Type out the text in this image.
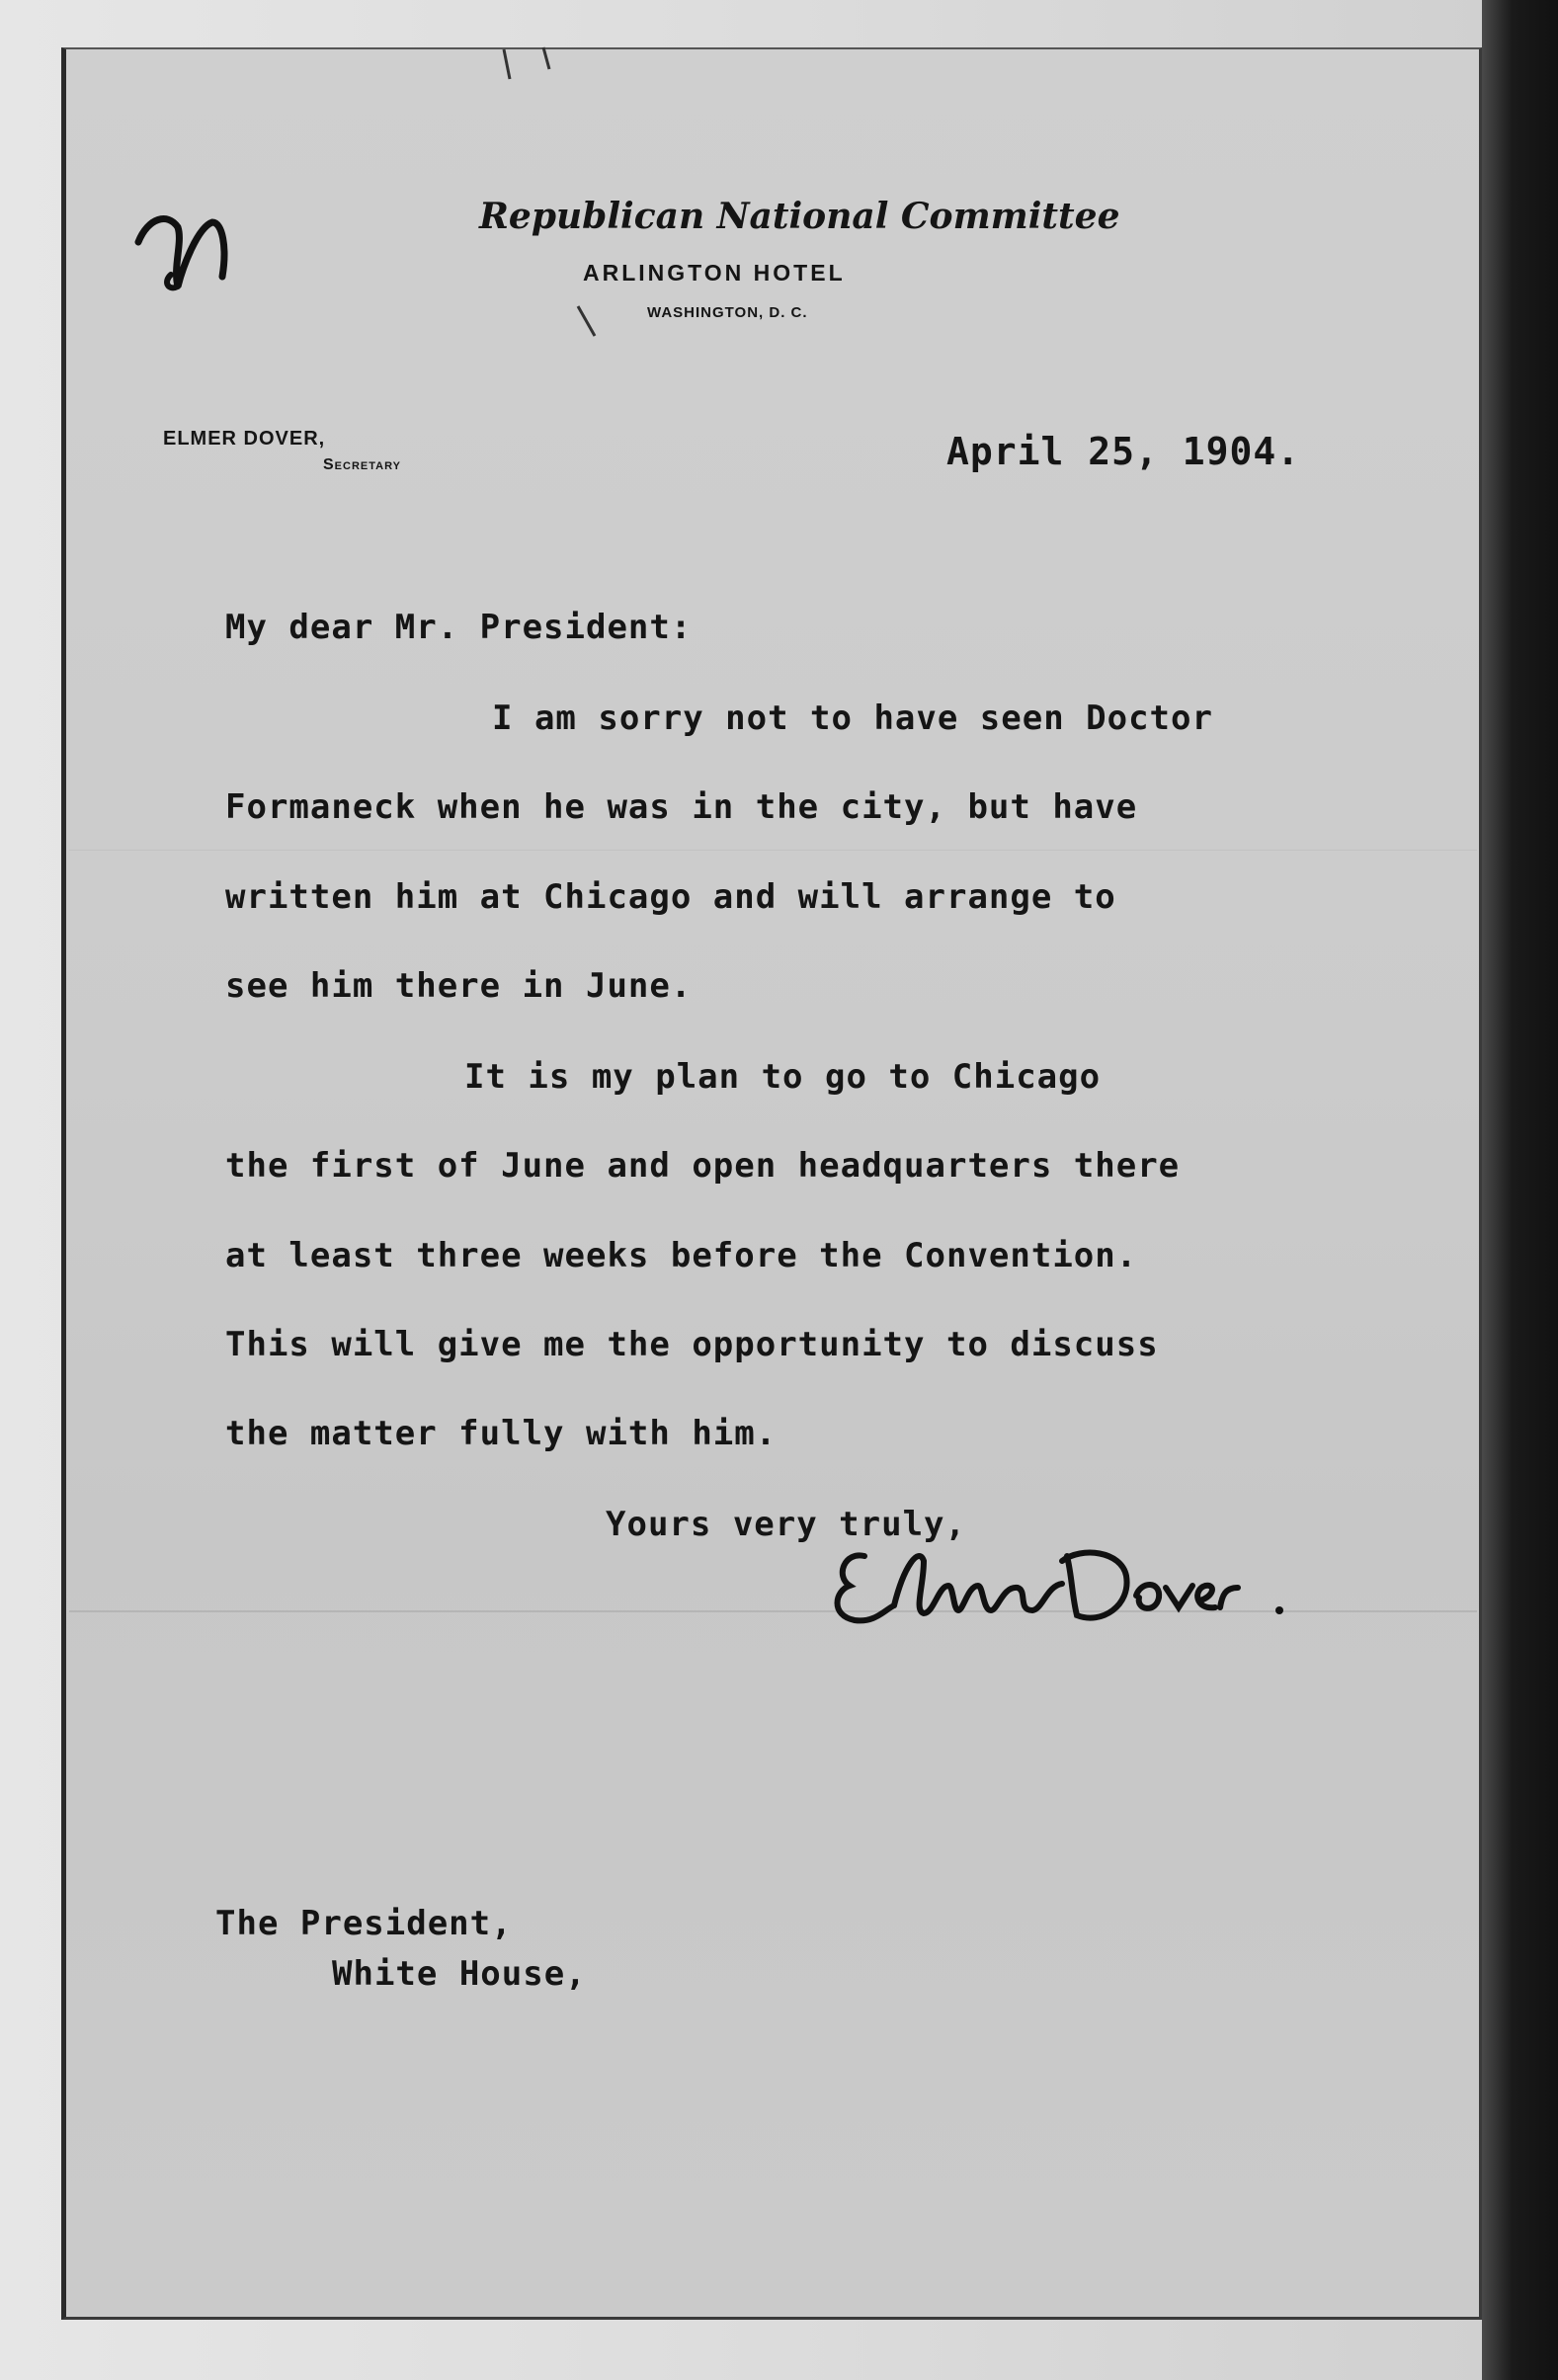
Republican National Committee
ARLINGTON HOTEL
WASHINGTON, D. C.
ELMER DOVER,
Secretary	April 25, 1904.
My dear Mr. President:
I am sorry not to have seen Doctor
Formaneck when he was in the city, but have
written him at Chicago and will arrange to
see him there in June.
It is my plan to go to Chicago
the first of June and open headquarters there
at least three weeks before the Convention.
This will give me the opportunity to discuss
the matter fully with him.
Yours very truly,
The President,
White House,
